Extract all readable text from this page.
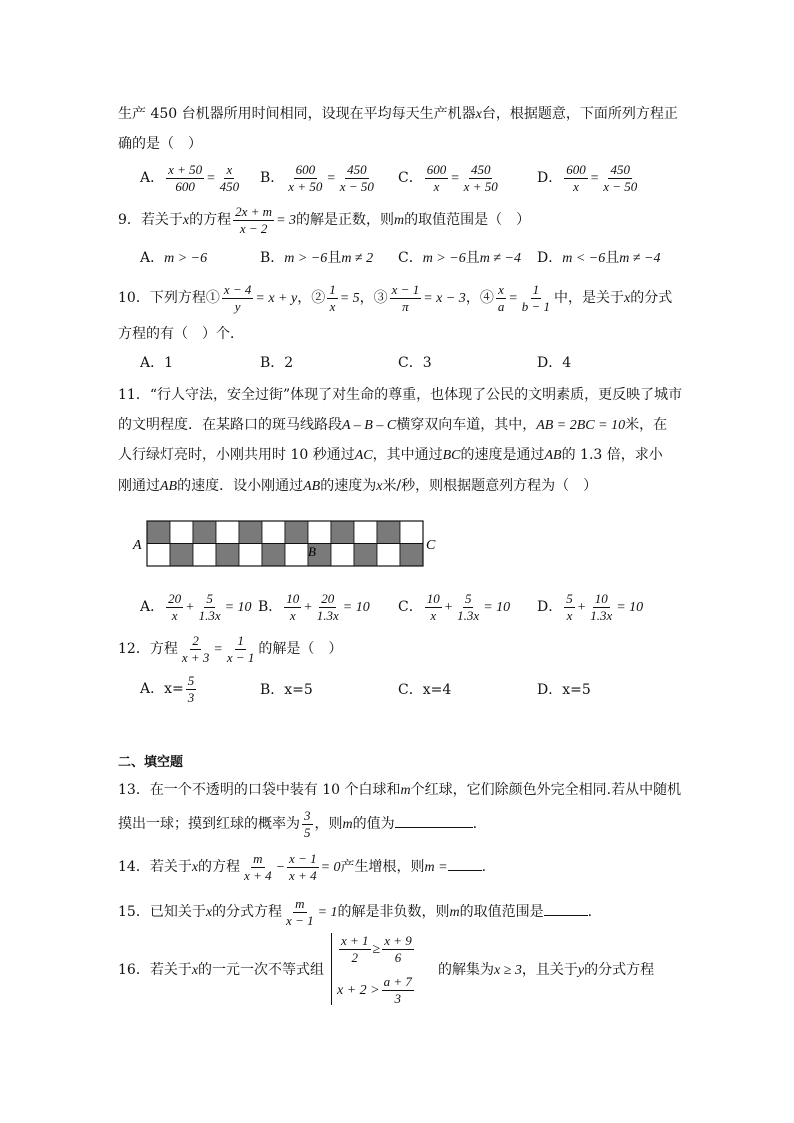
生产 450 台机器所用时间相同，设现在平均每天生产机器x台，根据题意，下面所列方程正
确的是（　）
A． $\frac{x + 50}{600} = \frac{x}{450}$ B． $\frac{600}{x + 50} = \frac{450}{x - 50}$ C． $\frac{600}{x} = \frac{450}{x + 50}$	D． $\frac{600}{x} = \frac{450}{x - 50}$
9．若关于x的方程 $\frac{2x + m}{x - 2} = 3$的解是正数，则m的取值范围是（　）
A．m > −6	B．m > −6且m ≠ 2 C．m > −6且m ≠ −4 D．m < −6且m ≠ −4
10．下列方程① $\frac{x - 4}{y} = x + y$，② $\frac{1}{x} = 5$，③ $\frac{x - 1}{\pi} = x - 3$，④ $\frac{x}{a} = \frac{1}{b - 1}$ 中，是关于x的分式
方程的有（　）个．
A．1	B．2	C．3	D．4
11．“行人守法，安全过街”体现了对生命的尊重，也体现了公民的文明素质，更反映了城市
的文明程度．在某路口的斑马线路段A – B – C横穿双向车道，其中，AB = 2BC = 10米，在
人行绿灯亮时，小刚共用时 10 秒通过AC，其中通过BC的速度是通过AB的 1.3 倍，求小
刚通过AB的速度．设小刚通过AB的速度为x米/秒，则根据题意列方程为（　）
A	B	C
A． $\frac{20}{x} + \frac{5}{1.3x} = 10$ B． $\frac{10}{x} + \frac{20}{1.3x} = 10$ C． $\frac{10}{x} + \frac{5}{1.3x} = 10$ D． $\frac{5}{x} + \frac{10}{1.3x} = 10$
12．方程 $\frac{2}{x + 3} = \frac{1}{x - 1}$ 的解是（　）
A．$x= \frac{5}{3}$	B．x=5	C．x=4	D．x=5
二、填空题
13．在一个不透明的口袋中装有 10 个白球和m个红球，它们除颜色外完全相同.若从中随机
摸出一球；摸到红球的概率为 $\frac{3}{5}$ ，则m的值为	.
14．若关于x的方程 $\frac{m}{x + 4} - \frac{x - 1}{x + 4} = 0$产生增根，则m = .
15．已知关于x的分式方程 $\frac{m}{x - 1} = 1$的解是非负数，则m的取值范围是	.
16．若关于x的一元一次不等式组
$\frac{x + 1}{2} \ge \frac{x + 9}{6}$
$x + 2 > \frac{a + 7}{3}$
的解集为x ≥ 3，且关于y的分式方程
